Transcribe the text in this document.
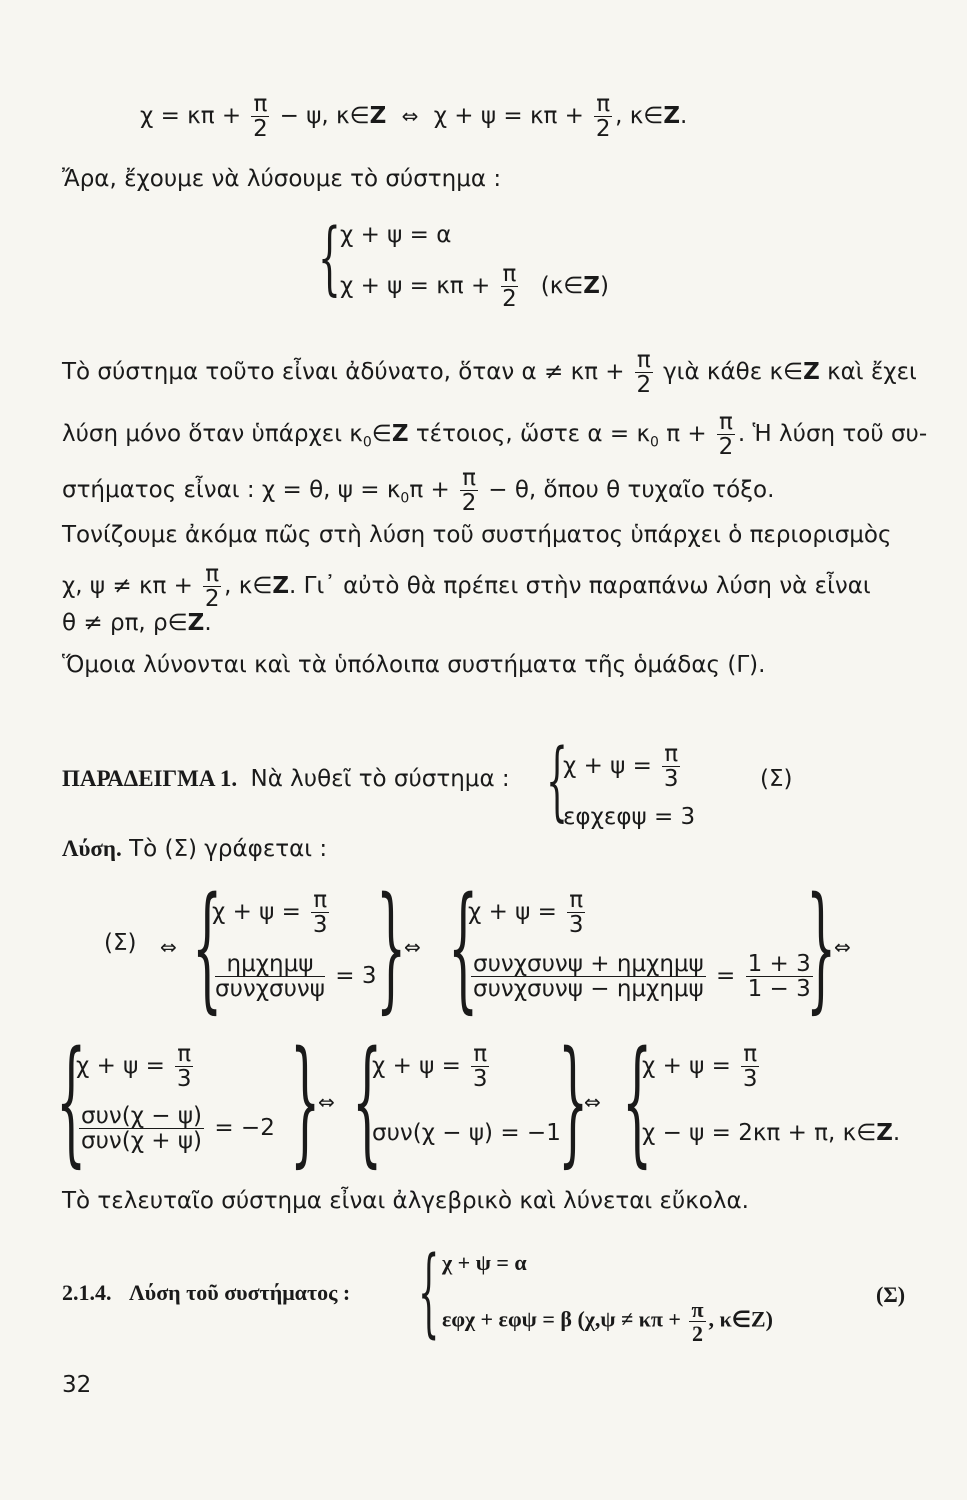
$\chi = \kappa\pi + \frac{\pi}{2} - \psi$, κ∈Z ⇔ $\chi + \psi = \kappa\pi + \frac{\pi}{2}$ , κ∈Z.
Ἄρα, ἔχουμε νὰ λύσουμε τὸ σύστημα :
{ χ + ψ = α
$\chi + \psi = \kappa\pi + \frac{\pi}{2}$ (κ∈Z)
Τὸ σύστημα τοῦτο εἶναι ἀδύνατο, ὅταν $\alpha \ne \kappa\pi + \frac{\pi}{2}$ γιὰ κάθε κ∈Z καὶ ἔχει
λύση μόνο ὅταν ὑπάρχει $\kappa_0\in Z$ τέτοιος, ὥστε $\alpha = \kappa_0$ $\pi + \frac{\pi}{2}$ . Ἡ λύση τοῦ συ-
στήματος εἶναι : χ = θ, $\psi = \kappa_0\pi + \frac{\pi}{2} - \theta$, ὅπου θ τυχαῖο τόξο.
Τονίζουμε ἀκόμα πῶς στὴ λύση τοῦ συστήματος ὑπάρχει ὁ περιορισμὸς
χ, $\psi \ne \kappa\pi + \frac{\pi}{2}$ , κ∈Z. Γι᾽ αὐτὸ θὰ πρέπει στὴν παραπάνω λύση νὰ εἶναι
θ ≠ ρπ, ρ∈Z.
Ὅμοια λύνονται καὶ τὰ ὑπόλοιπα συστήματα τῆς ὁμάδας (Γ).
ΠΑΡΑΔΕΙΓΜΑ 1. Νὰ λυθεῖ τὸ σύστημα : {
$\chi + \psi = \frac{\pi}{3}$
εφχεφψ = 3
(Σ)
Λύση. Τὸ (Σ) γράφεται :
(Σ) ⇔ {
$\chi + \psi = \frac{\pi}{3}$
$\frac{\text{ημχημψ}}{\text{συνχσυνψ}} = 3$ }
⇔ {
$\chi + \psi = \frac{\pi}{3}$
$\frac{\text{συνχσυνψ + ημχημψ}}{\text{συνχσυνψ − ημχημψ}} = \frac{1 + 3}{1 - 3}$
}
⇔
{
$\chi + \psi = \frac{\pi}{3}$
$\frac{\text{συν(χ − ψ)}}{\text{συν(χ + ψ)}} = -2$ }
⇔ {
$\chi + \psi = \frac{\pi}{3}$
συν(χ − ψ) = −1
}
⇔ {
$\chi + \psi = \frac{\pi}{3}$
χ − ψ = 2κπ + π, κ∈Z.
Τὸ τελευταῖο σύστημα εἶναι ἀλγεβρικὸ καὶ λύνεται εὔκολα.
2.1.4. Λύση τοῦ συστήματος : { χ + ψ = α
εφχ + εφψ = β ($\chi,\psi \ne \kappa\pi + \frac{\pi}{2}$ , κ∈Z)
(Σ)
32
